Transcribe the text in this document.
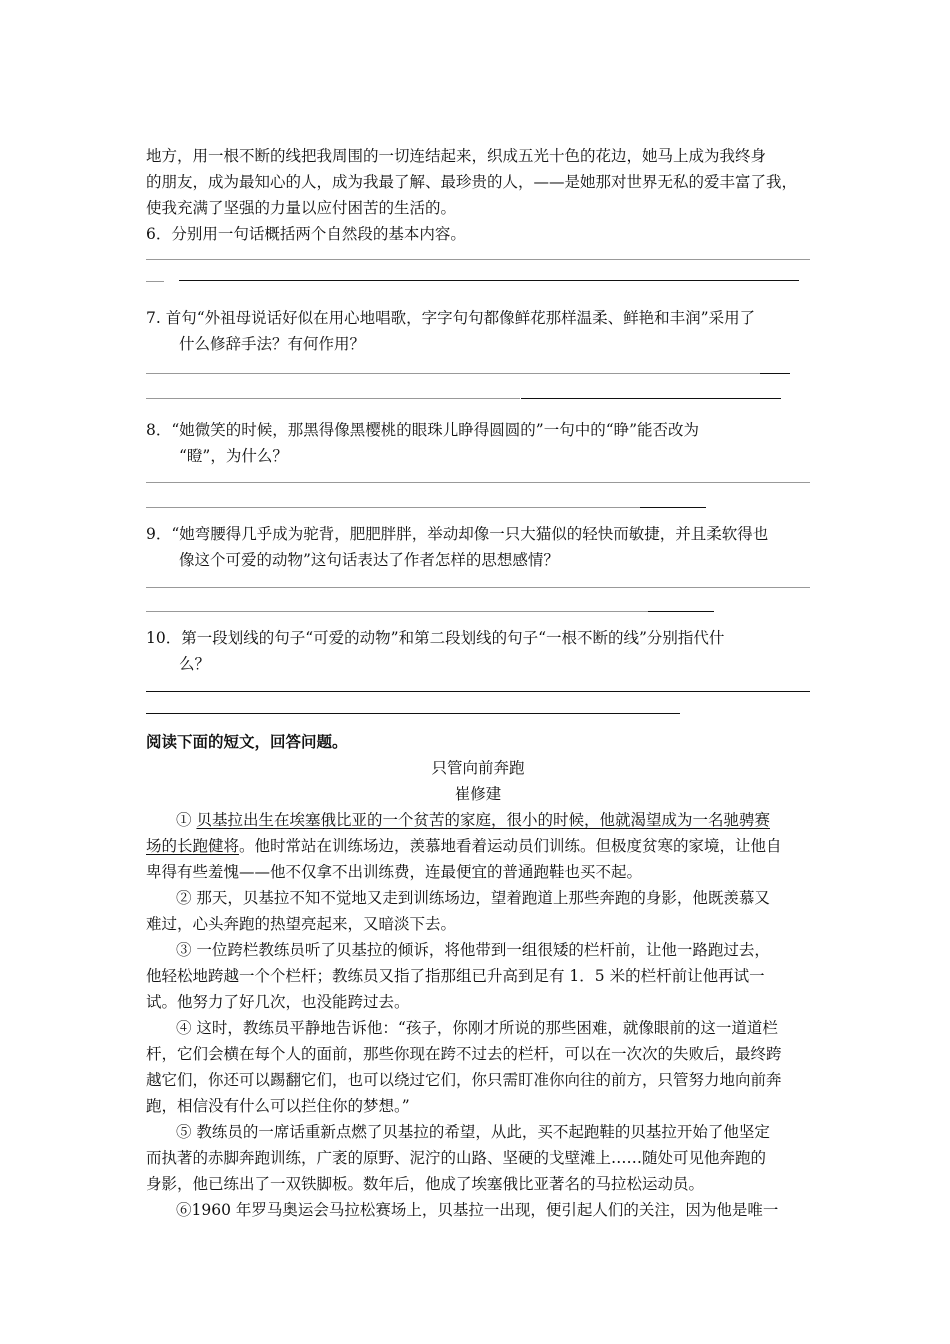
地方，用一根不断的线把我周围的一切连结起来，织成五光十色的花边，她马上成为我终身
的朋友，成为最知心的人，成为我最了解、最珍贵的人，——是她那对世界无私的爱丰富了我，
使我充满了坚强的力量以应付困苦的生活的。
6．分别用一句话概括两个自然段的基本内容。
7. 首句“外祖母说话好似在用心地唱歌，字字句句都像鲜花那样温柔、鲜艳和丰润”采用了
什么修辞手法？有何作用？
8．“她微笑的时候，那黑得像黑樱桃的眼珠儿睁得圆圆的”一句中的“睁”能否改为
“瞪”，为什么？
9．“她弯腰得几乎成为驼背，肥肥胖胖，举动却像一只大猫似的轻快而敏捷，并且柔软得也
像这个可爱的动物”这句话表达了作者怎样的思想感情？
10．第一段划线的句子“可爱的动物”和第二段划线的句子“一根不断的线”分别指代什
么？
阅读下面的短文，回答问题。
只管向前奔跑
崔修建
① 贝基拉出生在埃塞俄比亚的一个贫苦的家庭，很小的时候，他就渴望成为一名驰骋赛
场的长跑健将。他时常站在训练场边，羡慕地看着运动员们训练。但极度贫寒的家境，让他自
卑得有些羞愧——他不仅拿不出训练费，连最便宜的普通跑鞋也买不起。
② 那天，贝基拉不知不觉地又走到训练场边，望着跑道上那些奔跑的身影，他既羡慕又
难过，心头奔跑的热望亮起来，又暗淡下去。
③ 一位跨栏教练员听了贝基拉的倾诉，将他带到一组很矮的栏杆前，让他一路跑过去，
他轻松地跨越一个个栏杆；教练员又指了指那组已升高到足有 1．5 米的栏杆前让他再试一
试。他努力了好几次，也没能跨过去。
④ 这时，教练员平静地告诉他：“孩子，你刚才所说的那些困难，就像眼前的这一道道栏
杆，它们会横在每个人的面前，那些你现在跨不过去的栏杆，可以在一次次的失败后，最终跨
越它们，你还可以踢翻它们，也可以绕过它们，你只需盯准你向往的前方，只管努力地向前奔
跑，相信没有什么可以拦住你的梦想。”
⑤ 教练员的一席话重新点燃了贝基拉的希望，从此，买不起跑鞋的贝基拉开始了他坚定
而执著的赤脚奔跑训练，广袤的原野、泥泞的山路、坚硬的戈壁滩上……随处可见他奔跑的
身影，他已练出了一双铁脚板。数年后，他成了埃塞俄比亚著名的马拉松运动员。
⑥1960 年罗马奥运会马拉松赛场上，贝基拉一出现，便引起人们的关注，因为他是唯一
